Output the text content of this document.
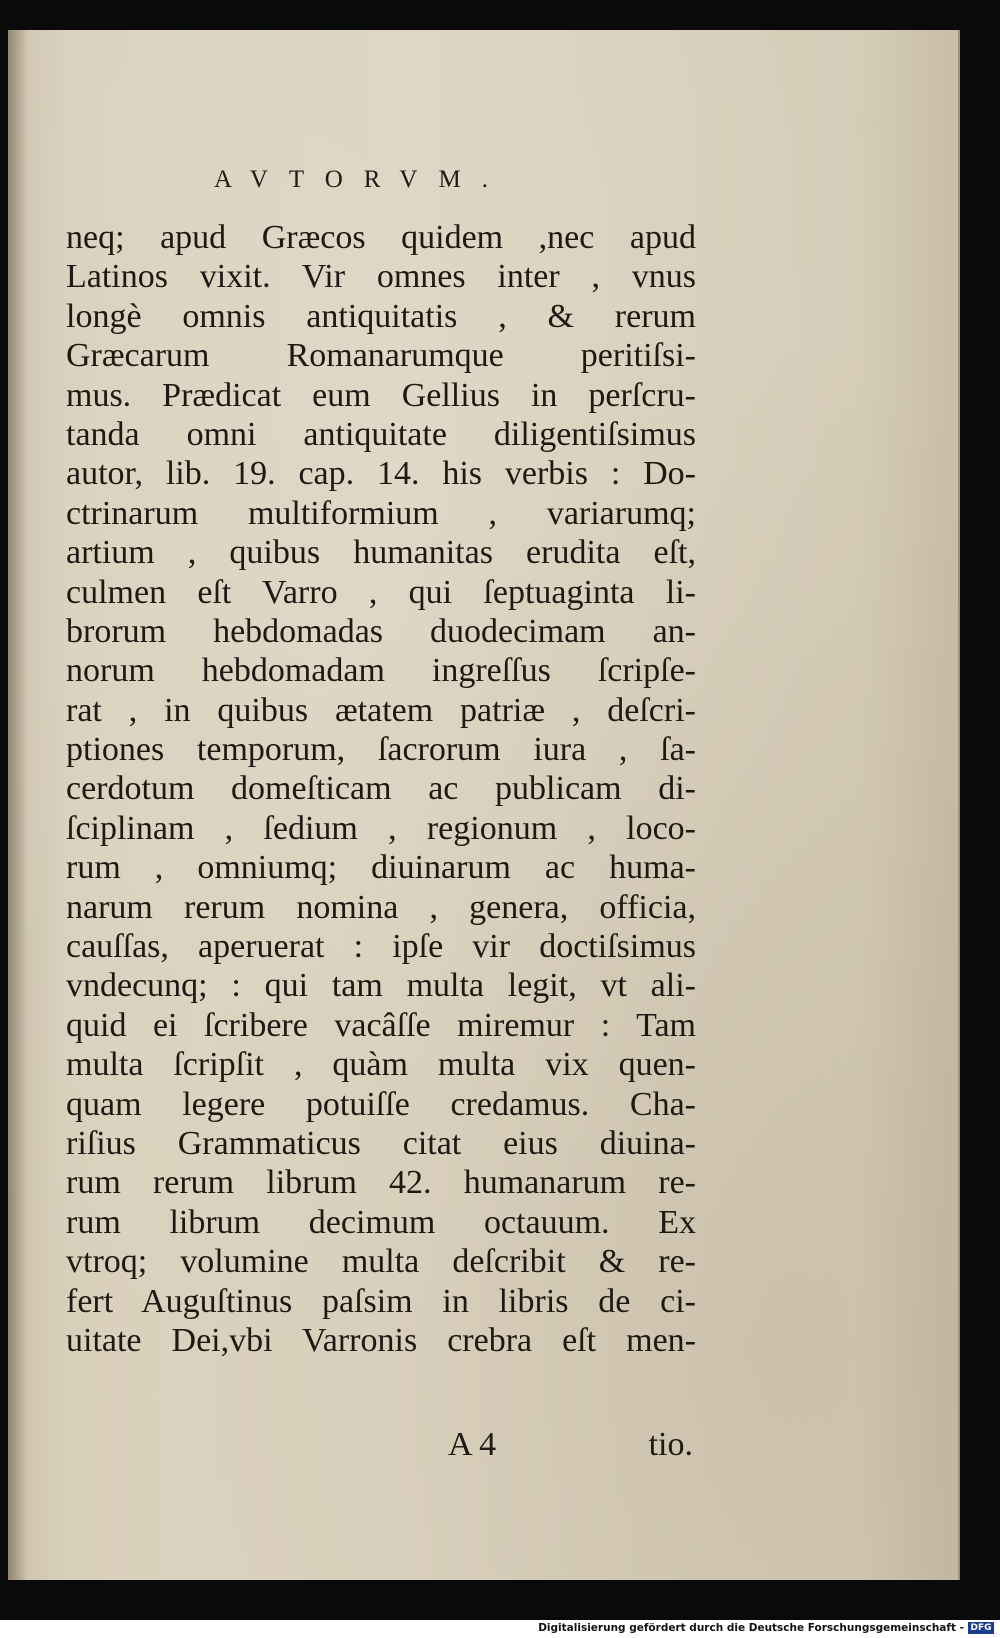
84
AVTORVM.
neq; apud Græcos quidem ,nec apud
Latinos vixit. Vir omnes inter , vnus
longè omnis antiquitatis , & rerum
Græcarum Romanarumque peritiſsi-
mus. Prædicat eum Gellius in perſcru-
tanda omni antiquitate diligentiſsimus
autor, lib. 19. cap. 14. his verbis : Do-
ctrinarum multiformium , variarumq;
artium , quibus humanitas erudita eſt,
culmen eſt Varro , qui ſeptuaginta li-
brorum hebdomadas duodecimam an-
norum hebdomadam ingreſſus ſcripſe-
rat , in quibus ætatem patriæ , deſcri-
ptiones temporum, ſacrorum iura , ſa-
cerdotum domeſticam ac publicam di-
ſciplinam , ſedium , regionum , loco-
rum , omniumq; diuinarum ac huma-
narum rerum nomina , genera, officia,
cauſſas, aperuerat : ipſe vir doctiſsimus
vndecunq; : qui tam multa legit, vt ali-
quid ei ſcribere vacâſſe miremur : Tam
multa ſcripſit , quàm multa vix quen-
quam legere potuiſſe credamus. Cha-
riſius Grammaticus citat eius diuina-
rum rerum librum 42. humanarum re-
rum librum decimum octauum. Ex
vtroq; volumine multa deſcribit & re-
fert Auguſtinus paſsim in libris de ci-
uitate Dei,vbi Varronis crebra eſt men-
A 4	tio.
Digitalisierung gefördert durch die Deutsche Forschungsgemeinschaft - DFG
